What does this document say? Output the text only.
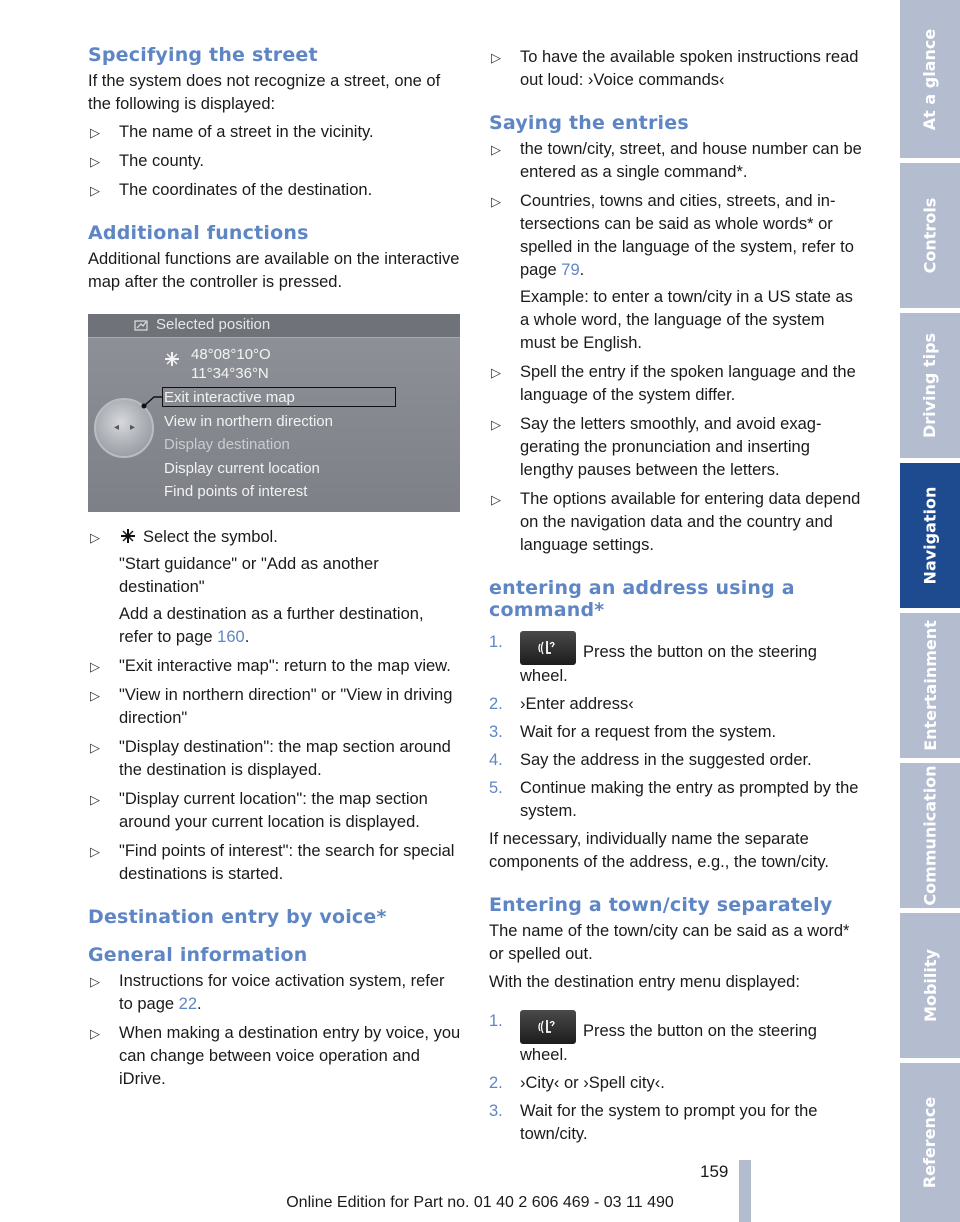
Specifying the street

If the system does not recognize a street, one of the following is displayed:

▷ The name of a street in the vicinity.
▷ The county.
▷ The coordinates of the destination.
Additional functions

Additional functions are available on the interactive map after the controller is pressed.

Selected position
48°08°10°O
11°34°36°N
◂ ▸
Exit interactive map
View in northern direction
Display destination
Display current location
Find points of interest
▷	Select the symbol.
"Start guidance" or "Add as another destination"
Add a destination as a further destination, refer to page 160.
▷ "Exit interactive map": return to the map view.
▷ "View in northern direction" or "View in driving direction"
▷ "Display destination": the map section around the destination is displayed.
▷ "Display current location": the map section around your current location is displayed.
▷ "Find points of interest": the search for special destinations is started.
Destination entry by voice*
General information
▷ Instructions for voice activation system, refer to page 22.
▷ When making a destination entry by voice, you can change between voice operation and iDrive.
▷ To have the available spoken instructions read out loud: ›Voice commands‹
Saying the entries
▷ the town/city, street, and house number can be entered as a single command*.
▷ Countries, towns and cities, streets, and intersections can be said as whole words* or spelled in the language of the system, refer to page 79.
Example: to enter a town/city in a US state as a whole word, the language of the system must be English.
▷ Spell the entry if the spoken language and the language of the system differ.
▷ Say the letters smoothly, and avoid exaggerating the pronunciation and inserting lengthy pauses between the letters.
▷ The options available for entering data depend on the navigation data and the country and language settings.
entering an address using a command*
1.
Press the button on the steering wheel.
2. ›Enter address‹
3. Wait for a request from the system.
4. Say the address in the suggested order.
5. Continue making the entry as prompted by the system.

If necessary, individually name the separate components of the address, e.g., the town/city.

Entering a town/city separately

The name of the town/city can be said as a word* or spelled out.

With the destination entry menu displayed:

1.
Press the button on the steering wheel.
2. ›City‹ or ›Spell city‹.
3. Wait for the system to prompt you for the town/city.
At a glance
Controls
Driving tips
Navigation
Entertainment
Communication
Mobility
Reference
159
Online Edition for Part no. 01 40 2 606 469 - 03 11 490
